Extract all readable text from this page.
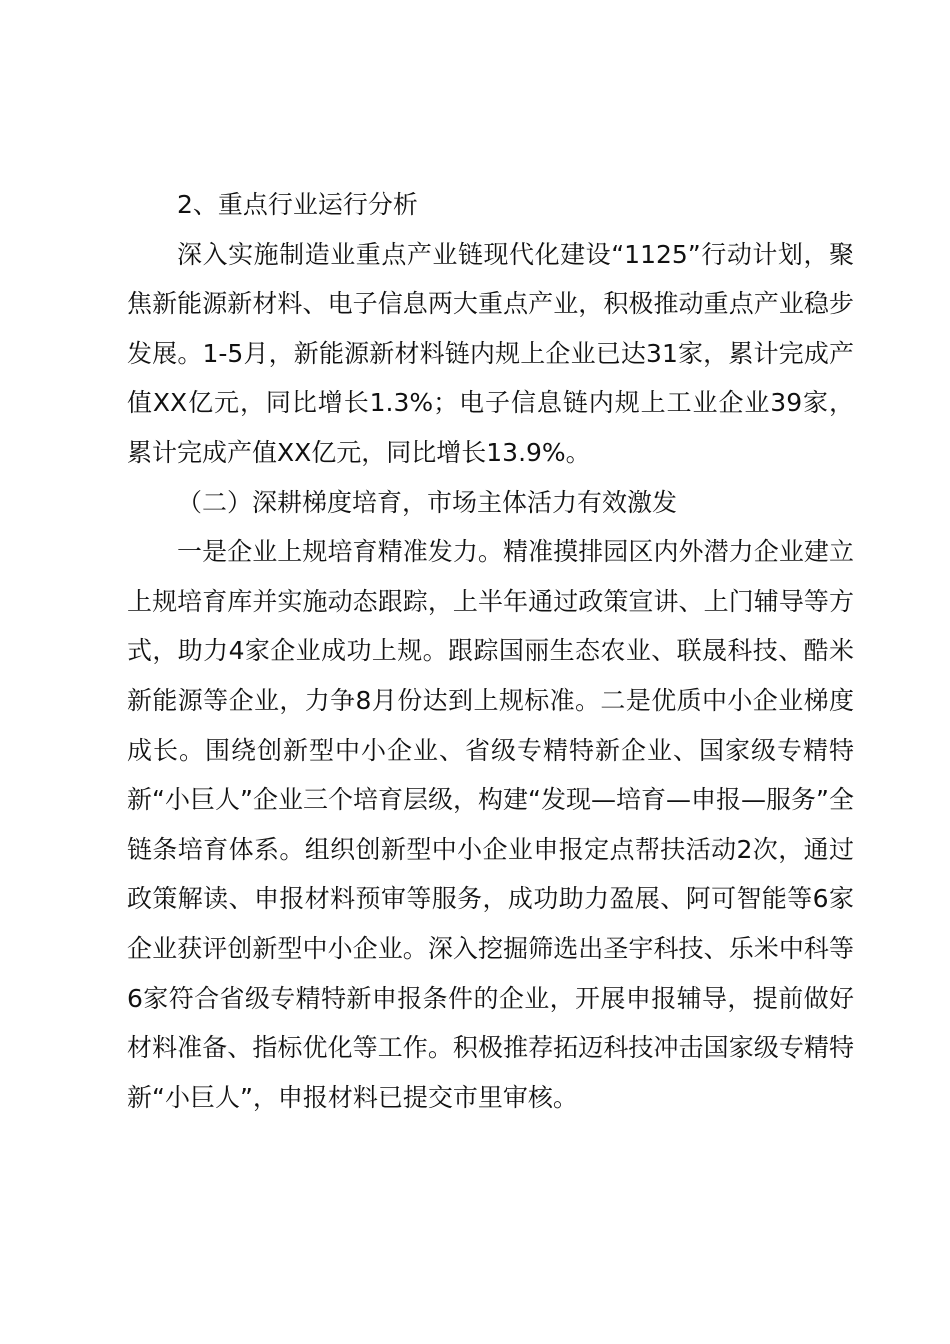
2、重点行业运行分析

深入实施制造业重点产业链现代化建设“1125”行动计划，聚焦新能源新材料、电子信息两大重点产业，积极推动重点产业稳步发展。1-5月，新能源新材料链内规上企业已达31家，累计完成产值XX亿元，同比增长1.3%；电子信息链内规上工业企业39家，累计完成产值XX亿元，同比增长13.9%。

（二）深耕梯度培育，市场主体活力有效激发

一是企业上规培育精准发力。精准摸排园区内外潜力企业建立上规培育库并实施动态跟踪，上半年通过政策宣讲、上门辅导等方式，助力4家企业成功上规。跟踪国丽生态农业、联晟科技、酷米新能源等企业，力争8月份达到上规标准。二是优质中小企业梯度成长。围绕创新型中小企业、省级专精特新企业、国家级专精特新“小巨人”企业三个培育层级，构建“发现—培育—申报—服务”全链条培育体系。组织创新型中小企业申报定点帮扶活动2次，通过政策解读、申报材料预审等服务，成功助力盈展、阿可智能等6家企业获评创新型中小企业。深入挖掘筛选出圣宇科技、乐米中科等6家符合省级专精特新申报条件的企业，开展申报辅导，提前做好材料准备、指标优化等工作。积极推荐拓迈科技冲击国家级专精特新“小巨人”，申报材料已提交市里审核。
